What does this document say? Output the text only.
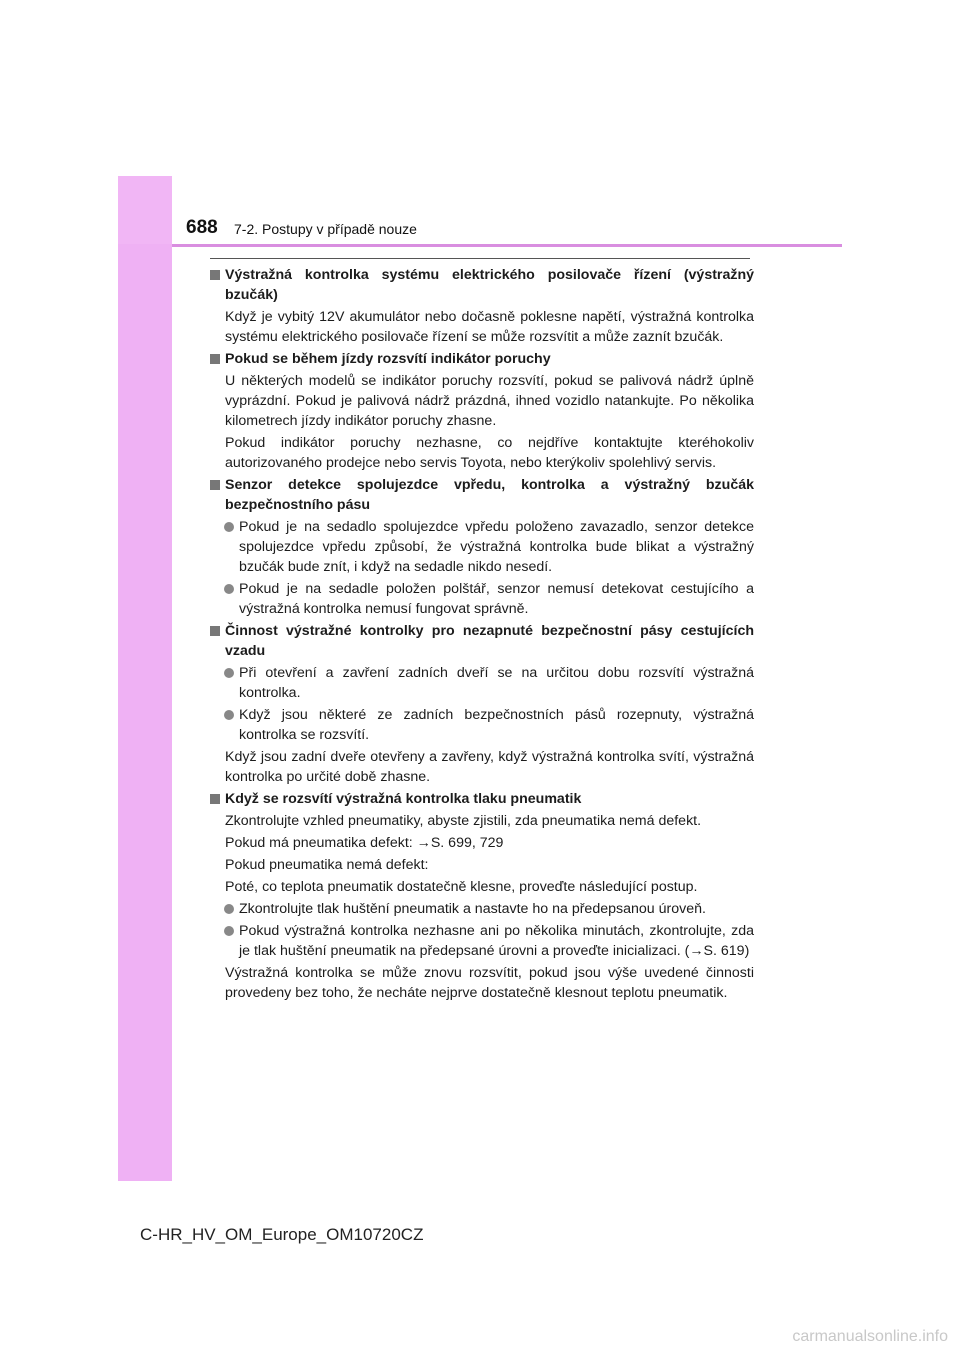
688 7-2. Postupy v případě nouze
Výstražná kontrolka systému elektrického posilovače řízení (výstražný bzučák)
Když je vybitý 12V akumulátor nebo dočasně poklesne napětí, výstražná kontrolka systému elektrického posilovače řízení se může rozsvítit a může zaznít bzučák.
Pokud se během jízdy rozsvítí indikátor poruchy
U některých modelů se indikátor poruchy rozsvítí, pokud se palivová nádrž úplně vyprázdní. Pokud je palivová nádrž prázdná, ihned vozidlo natankujte. Po několika kilometrech jízdy indikátor poruchy zhasne.
Pokud indikátor poruchy nezhasne, co nejdříve kontaktujte kteréhokoliv autorizovaného prodejce nebo servis Toyota, nebo kterýkoliv spolehlivý servis.
Senzor detekce spolujezdce vpředu, kontrolka a výstražný bzučák bezpečnostního pásu
Pokud je na sedadlo spolujezdce vpředu položeno zavazadlo, senzor detekce spolujezdce vpředu způsobí, že výstražná kontrolka bude blikat a výstražný bzučák bude znít, i když na sedadle nikdo nesedí.
Pokud je na sedadle položen polštář, senzor nemusí detekovat cestujícího a výstražná kontrolka nemusí fungovat správně.
Činnost výstražné kontrolky pro nezapnuté bezpečnostní pásy cestujících vzadu
Při otevření a zavření zadních dveří se na určitou dobu rozsvítí výstražná kontrolka.
Když jsou některé ze zadních bezpečnostních pásů rozepnuty, výstražná kontrolka se rozsvítí.
Když jsou zadní dveře otevřeny a zavřeny, když výstražná kontrolka svítí, výstražná kontrolka po určité době zhasne.
Když se rozsvítí výstražná kontrolka tlaku pneumatik
Zkontrolujte vzhled pneumatiky, abyste zjistili, zda pneumatika nemá defekt.
Pokud má pneumatika defekt: →S. 699, 729
Pokud pneumatika nemá defekt:
Poté, co teplota pneumatik dostatečně klesne, proveďte následující postup.
Zkontrolujte tlak huštění pneumatik a nastavte ho na předepsanou úroveň.
Pokud výstražná kontrolka nezhasne ani po několika minutách, zkontrolujte, zda je tlak huštění pneumatik na předepsané úrovni a proveďte inicializaci. (→S. 619)
Výstražná kontrolka se může znovu rozsvítit, pokud jsou výše uvedené činnosti provedeny bez toho, že necháte nejprve dostatečně klesnout teplotu pneumatik.
C-HR_HV_OM_Europe_OM10720CZ
carmanualsonline.info
